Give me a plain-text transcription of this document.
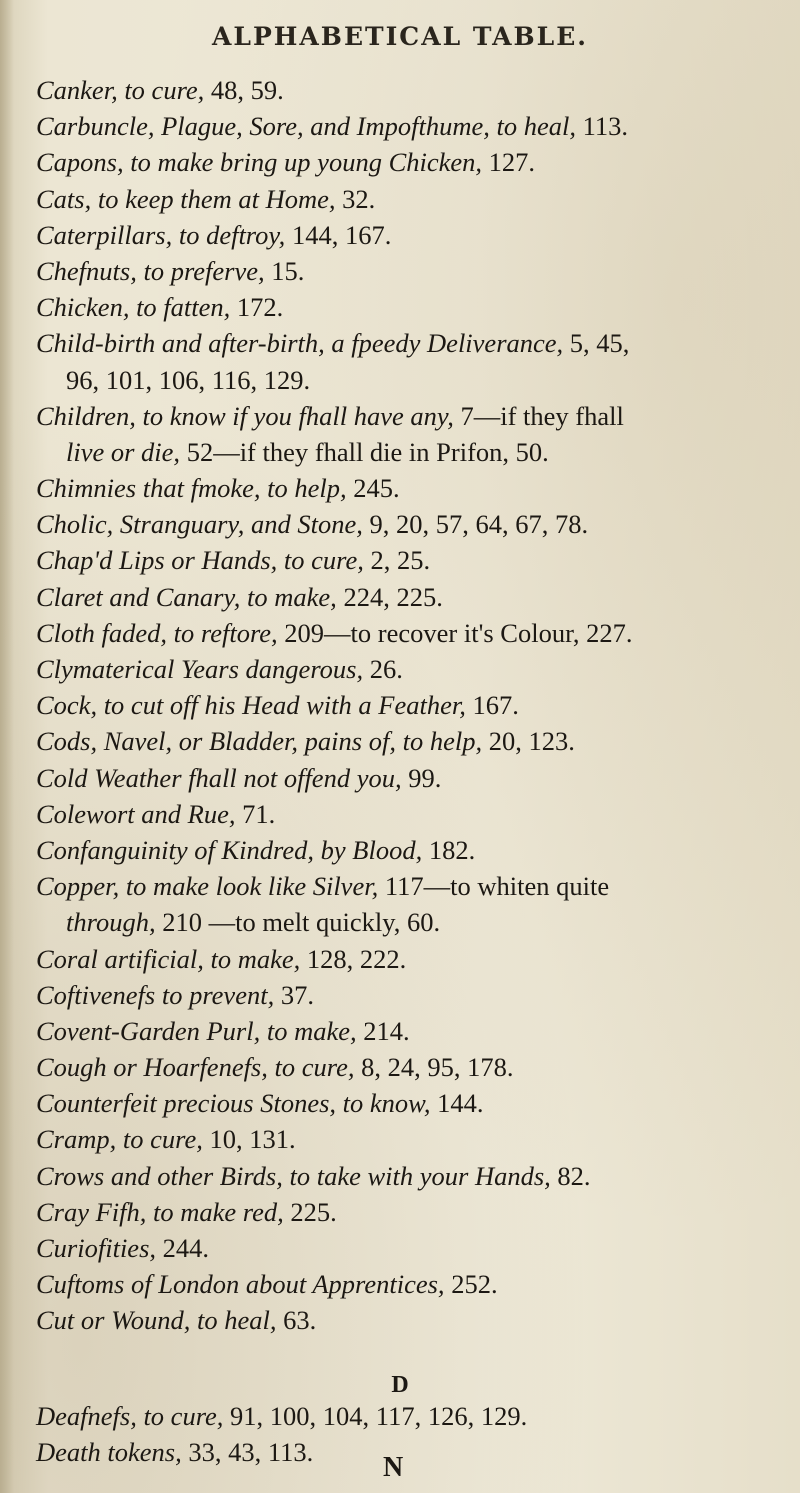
ALPHABETICAL TABLE.
Canker, to cure, 48, 59.
Carbuncle, Plague, Sore, and Impofthume, to heal, 113.
Capons, to make bring up young Chicken, 127.
Cats, to keep them at Home, 32.
Caterpillars, to deftroy, 144, 167.
Chefnuts, to preferve, 15.
Chicken, to fatten, 172.
Child-birth and after-birth, a fpeedy Deliverance, 5, 45,
96, 101, 106, 116, 129.
Children, to know if you fhall have any, 7—if they fhall
live or die, 52—if they fhall die in Prifon, 50.
Chimnies that fmoke, to help, 245.
Cholic, Stranguary, and Stone, 9, 20, 57, 64, 67, 78.
Chap'd Lips or Hands, to cure, 2, 25.
Claret and Canary, to make, 224, 225.
Cloth faded, to reftore, 209—to recover it's Colour, 227.
Clymaterical Years dangerous, 26.
Cock, to cut off his Head with a Feather, 167.
Cods, Navel, or Bladder, pains of, to help, 20, 123.
Cold Weather fhall not offend you, 99.
Colewort and Rue, 71.
Confanguinity of Kindred, by Blood, 182.
Copper, to make look like Silver, 117—to whiten quite
through, 210 —to melt quickly, 60.
Coral artificial, to make, 128, 222.
Coftivenefs to prevent, 37.
Covent-Garden Purl, to make, 214.
Cough or Hoarfenefs, to cure, 8, 24, 95, 178.
Counterfeit precious Stones, to know, 144.
Cramp, to cure, 10, 131.
Crows and other Birds, to take with your Hands, 82.
Cray Fifh, to make red, 225.
Curiofities, 244.
Cuftoms of London about Apprentices, 252.
Cut or Wound, to heal, 63.
D
Deafnefs, to cure, 91, 100, 104, 117, 126, 129.
Death tokens, 33, 43, 113.	N
